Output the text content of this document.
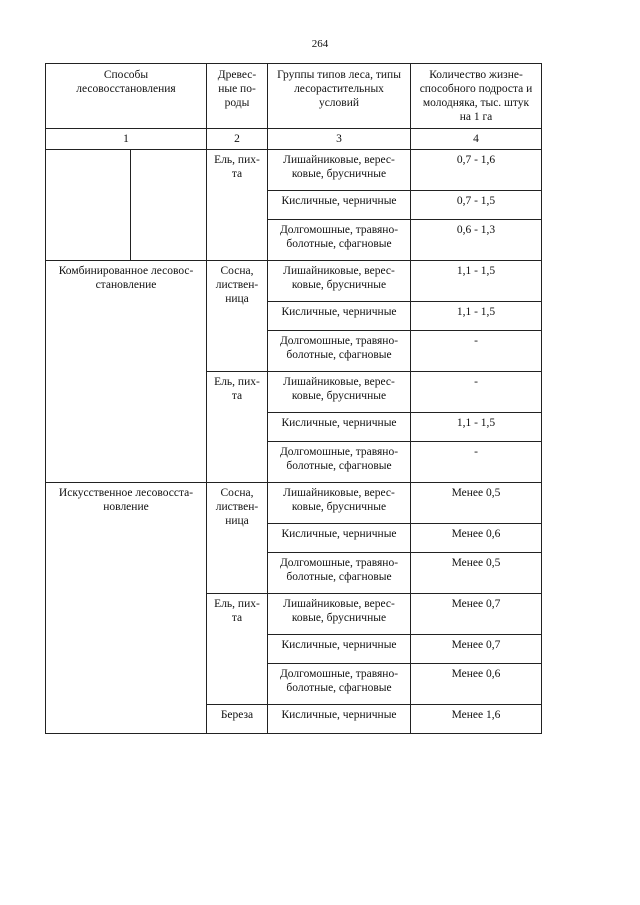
264
Способы лесовосстановления		Древес-ные по-роды	Группы типов леса, типы лесорастительных условий	Количество жизне-способного подроста и молодняка, тыс. штук на 1 га

1		2	3	4

		Ель, пих-та	Лишайниковые, верес-ковые, брусничные	0,7 - 1,6

			Кисличные, черничные	0,7 - 1,5

			Долгомошные, травяно-болотные, сфагновые	0,6 - 1,3

Комбинированное лесовос-становление		Сосна, листвен-ница	Лишайниковые, верес-ковые, брусничные	1,1 - 1,5

			Кисличные, черничные	1,1 - 1,5

			Долгомошные, травяно-болотные, сфагновые	-

		Ель, пих-та	Лишайниковые, верес-ковые, брусничные	-

			Кисличные, черничные	1,1 - 1,5

			Долгомошные, травяно-болотные, сфагновые	-

Искусственное лесовосста-новление		Сосна, листвен-ница	Лишайниковые, верес-ковые, брусничные	Менее 0,5

			Кисличные, черничные	Менее 0,6

			Долгомошные, травяно-болотные, сфагновые	Менее 0,5

		Ель, пих-та	Лишайниковые, верес-ковые, брусничные	Менее 0,7

			Кисличные, черничные	Менее 0,7

			Долгомошные, травяно-болотные, сфагновые	Менее 0,6

		Береза	Кисличные, черничные	Менее 1,6
